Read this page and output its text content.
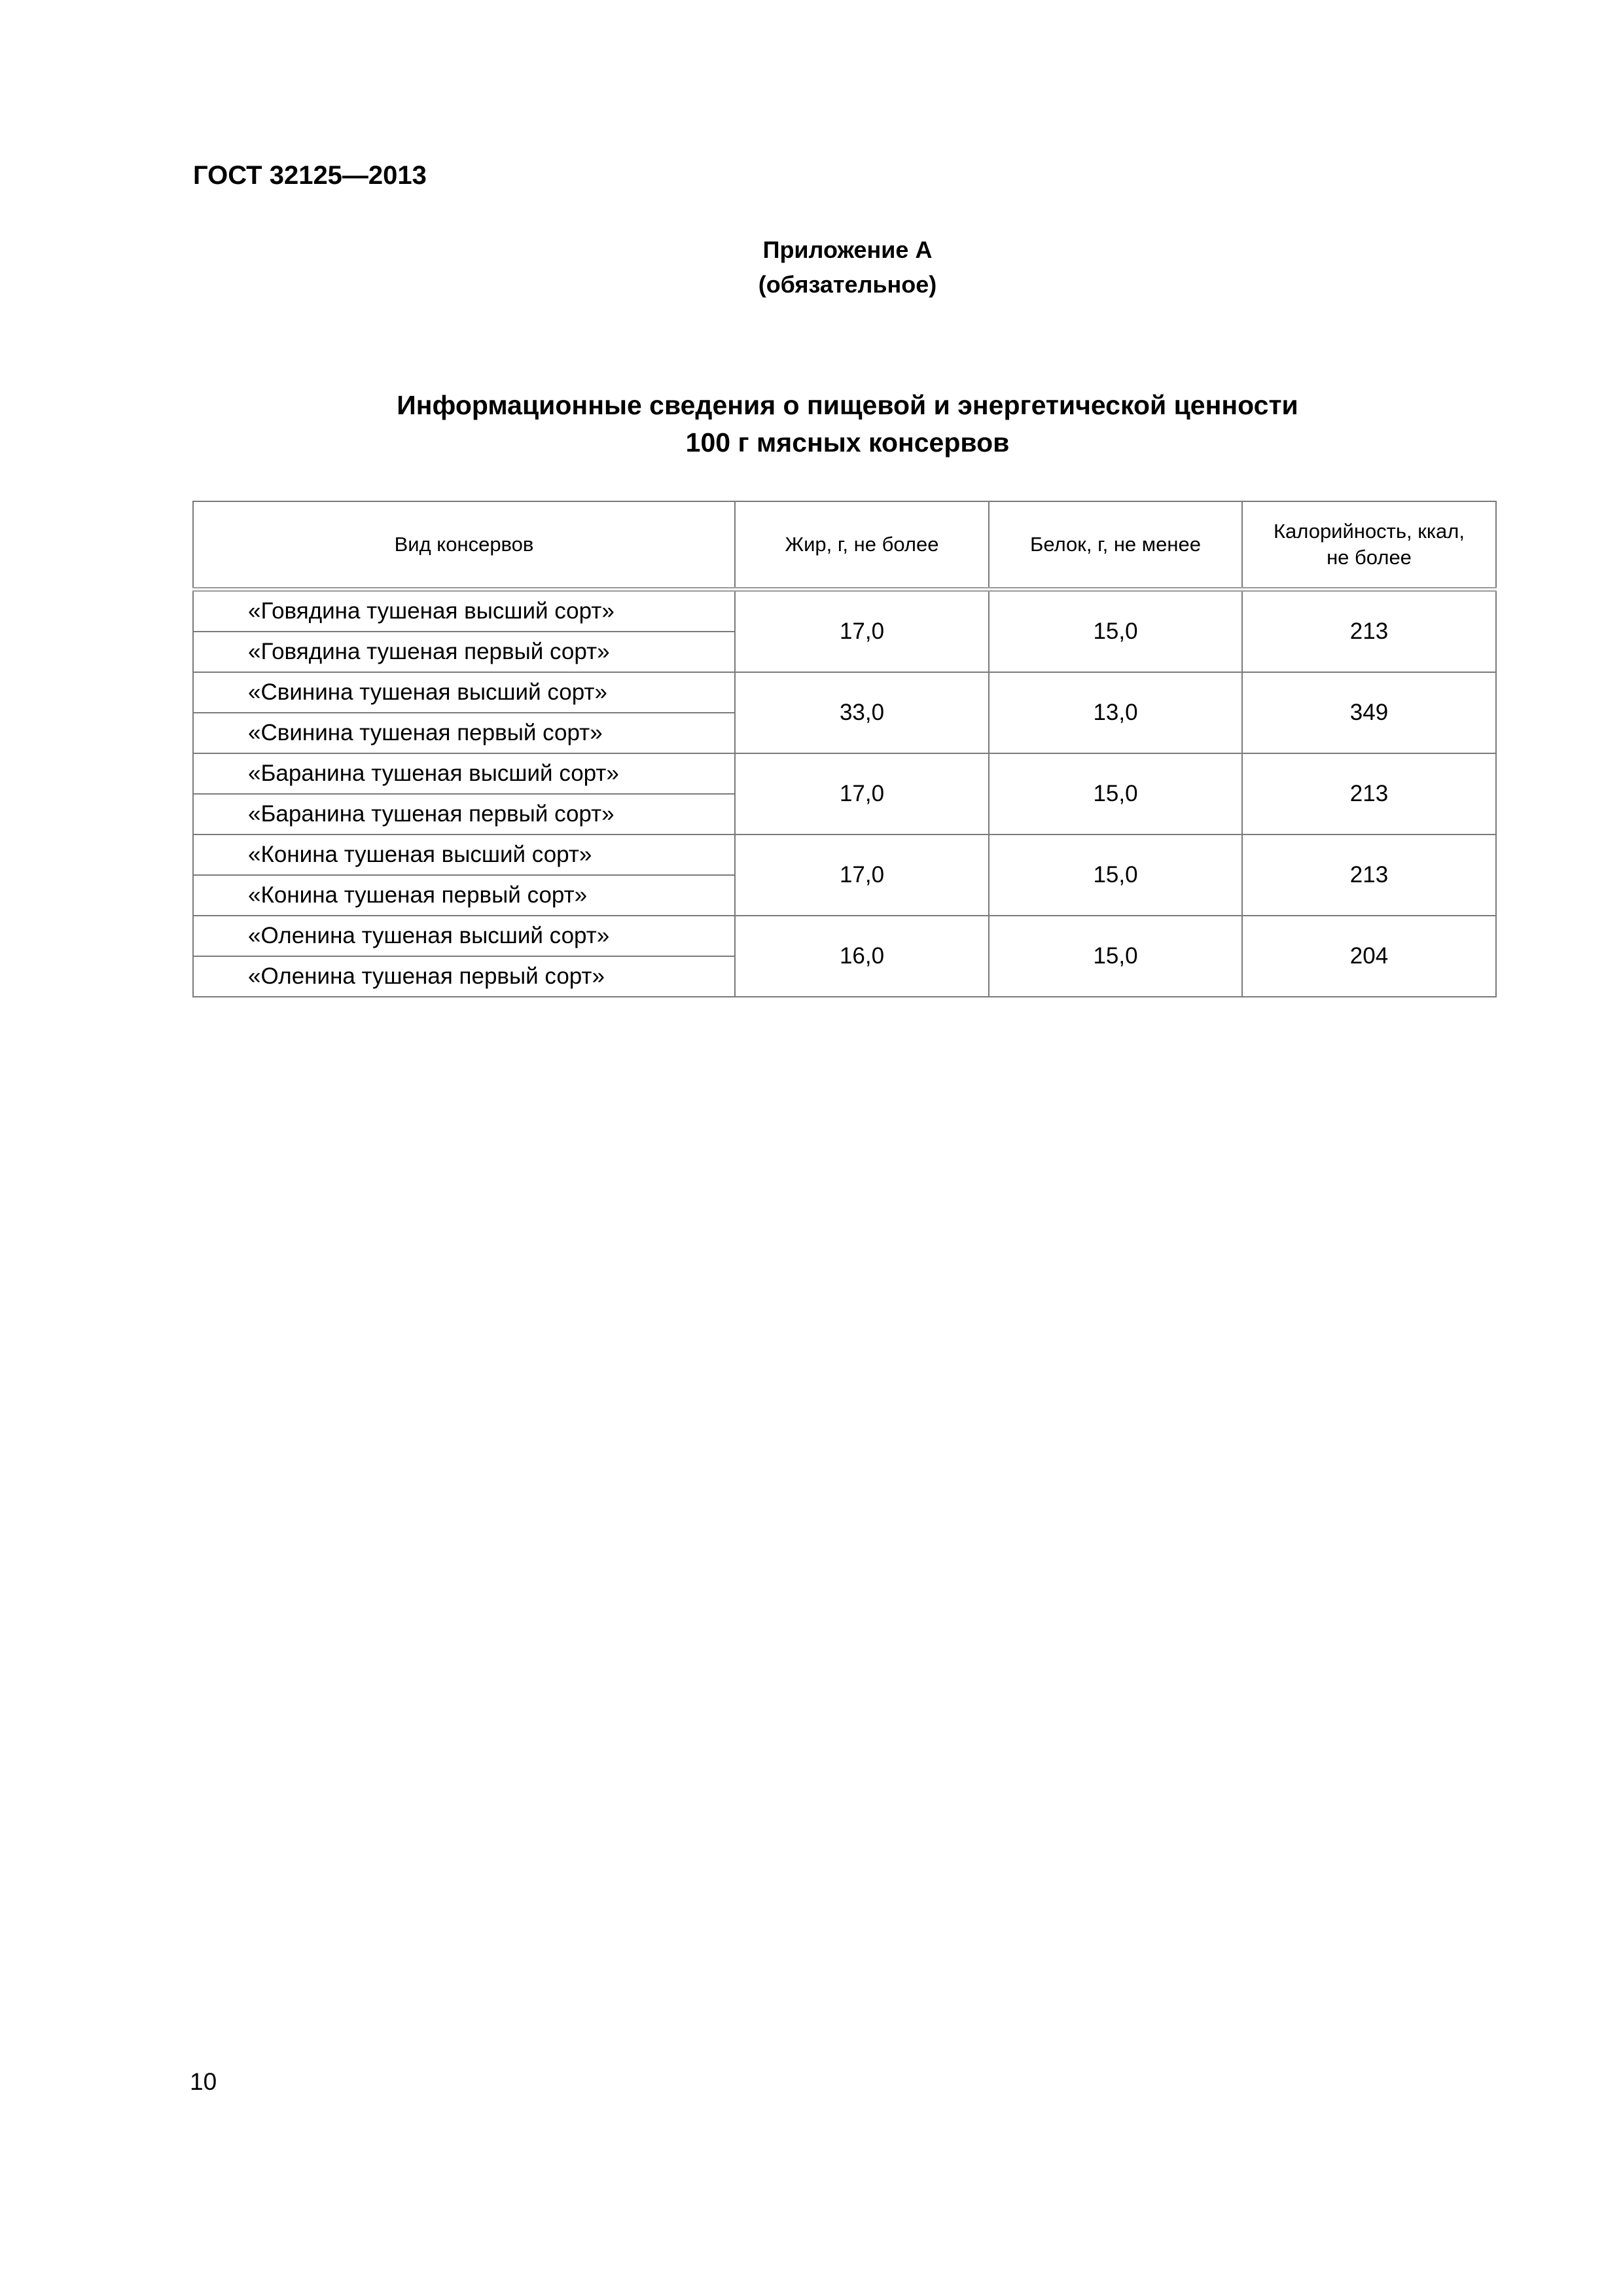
ГОСТ 32125—2013
Приложение А
(обязательное)
Информационные сведения о пищевой и энергетической ценности
100 г мясных консервов
Вид консервов	Жир, г, не более	Белок, г, не менее	Калорийность, ккал, не более
«Говядина тушеная высший сорт»	17,0	15,0	213
«Говядина тушеная первый сорт»			
«Свинина тушеная высший сорт»	33,0	13,0	349
«Свинина тушеная первый сорт»			
«Баранина тушеная высший сорт»	17,0	15,0	213
«Баранина тушеная первый сорт»			
«Конина тушеная высший сорт»	17,0	15,0	213
«Конина тушеная первый сорт»			
«Оленина тушеная высший сорт»	16,0	15,0	204
«Оленина тушеная первый сорт»			
10
